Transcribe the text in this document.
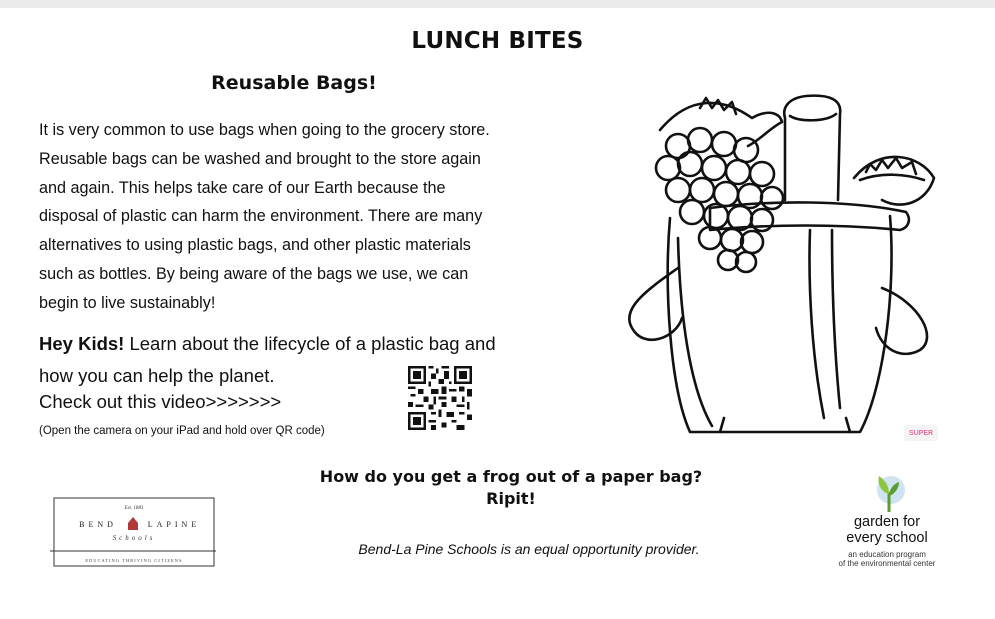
LUNCH BITES
Reusable Bags!
It is very common to use bags when going to the grocery store.
Reusable bags can be washed and brought to the store again
and again. This helps take care of our Earth because the
disposal of plastic can harm the environment. There are many
alternatives to using plastic bags, and other plastic materials
such as bottles. By being aware of the bags we use, we can
begin to live sustainably!
Hey Kids! Learn about the lifecycle of a plastic bag and
how you can help the planet.
Check out this video>>>>>>>
(Open the camera on your iPad and hold over QR code)	SUPER
How do you get a frog out of a paper bag?
Ripit!
Bend-La Pine Schools is an equal opportunity provider.
Est. 1883
BEND	LAPINE
Schools
EDUCATING THRIVING CITIZENS
garden for
every school
an education program
of the environmental center
